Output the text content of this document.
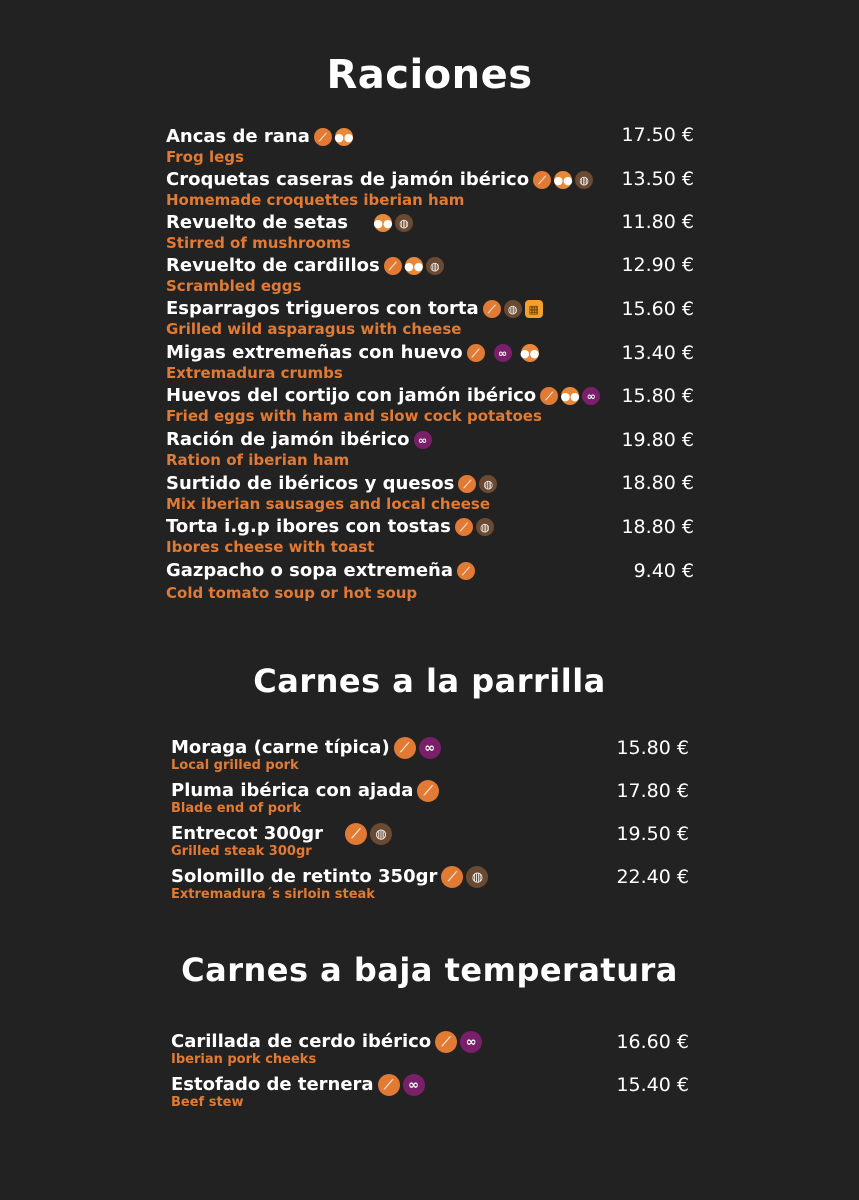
Raciones
Ancas de rana ⟋ ●●
Frog legs
17.50 €
Croquetas caseras de jamón ibérico ⟋ ●● ◍
Homemade croquettes iberian ham
13.50 €
Revuelto de setas ●● ◍
Stirred of mushrooms
11.80 €
Revuelto de cardillos ⟋ ●● ◍
Scrambled eggs
12.90 €
Esparragos trigueros con torta ⟋	◍	▦
Grilled wild asparagus with cheese
15.60 €
Migas extremeñas con huevo ⟋	∞	●●
Extremadura crumbs
13.40 €
Huevos del cortijo con jamón ibérico ⟋ ●● ∞
Fried eggs with ham and slow cock potatoes
15.80 €
Ración de jamón ibérico ∞
Ration of iberian ham
19.80 €
Surtido de ibéricos y quesos ⟋	◍
Mix iberian sausages and local cheese
18.80 €
Torta i.g.p ibores con tostas ⟋	◍
Ibores cheese with toast
18.80 €
Gazpacho o sopa extremeña ⟋
Cold tomato soup or hot soup
9.40 €
Carnes a la parrilla
Moraga (carne típica) ⟋	∞
Local grilled pork
15.80 €
Pluma ibérica con ajada ⟋
Blade end of pork
17.80 €
Entrecot 300gr	⟋	◍
Grilled steak 300gr
19.50 €
Solomillo de retinto 350gr ⟋	◍
Extremadura´s sirloin steak
22.40 €
Carnes a baja temperatura
Carillada de cerdo ibérico ⟋	∞
Iberian pork cheeks
16.60 €
Estofado de ternera ⟋	∞
Beef stew
15.40 €
